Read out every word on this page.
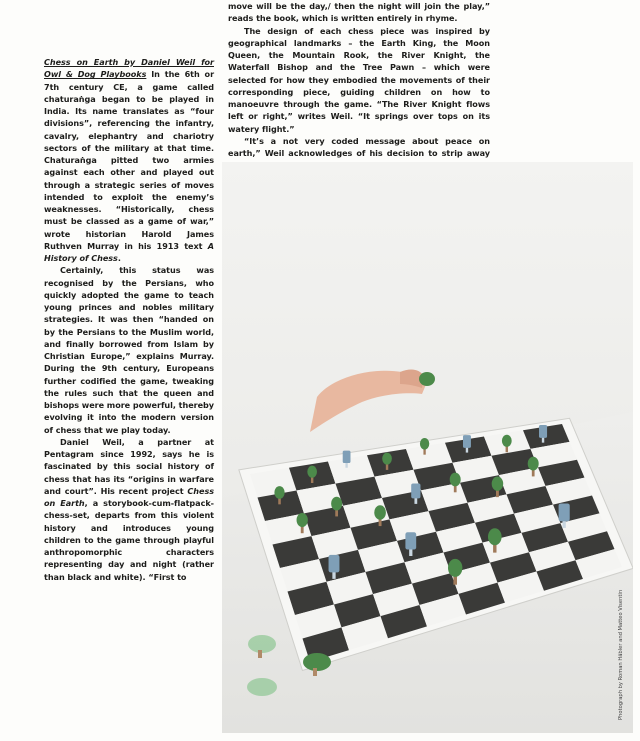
Chess on Earth by Daniel Weil for Owl & Dog Playbooks In the 6th or 7th century CE, a game called chaturaṅga began to be played in India. Its name translates as “four divisions”, referencing the infantry, cavalry, elephantry and chariotry sectors of the military at that time. Chaturaṅga pitted two armies against each other and played out through a strategic series of moves intended to exploit the enemy’s weaknesses. “Historically, chess must be classed as a game of war,” wrote historian Harold James Ruthven Murray in his 1913 text A History of Chess.

Certainly, this status was recognised by the Persians, who quickly adopted the game to teach young princes and nobles military strategies. It was then “handed on by the Persians to the Muslim world, and finally borrowed from Islam by Christian Europe,” explains Murray. During the 9th century, Europeans further codified the game, tweaking the rules such that the queen and bishops were more powerful, thereby evolving it into the modern version of chess that we play today.

Daniel Weil, a partner at Pentagram since 1992, says he is fascinated by this social history of chess that has its “origins in warfare and court”. His recent project Chess on Earth, a storybook-cum-flatpack-chess-set, departs from this violent history and introduces young children to the game through playful anthropomorphic characters representing day and night (rather than black and white). “First to

move will be the day,/ then the night will join the play,” reads the book, which is written entirely in rhyme.

The design of each chess piece was inspired by geographical landmarks – the Earth King, the Moon Queen, the Mountain Rook, the River Knight, the Waterfall Bishop and the Tree Pawn – which were selected for how they embodied the movements of their corresponding piece, guiding children on how to manoeuvre through the game. “The River Knight flows left or right,” writes Weil. “It springs over tops on its watery flight.”

“It’s a not very coded message about peace on earth,” Weil acknowledges of his decision to strip away
